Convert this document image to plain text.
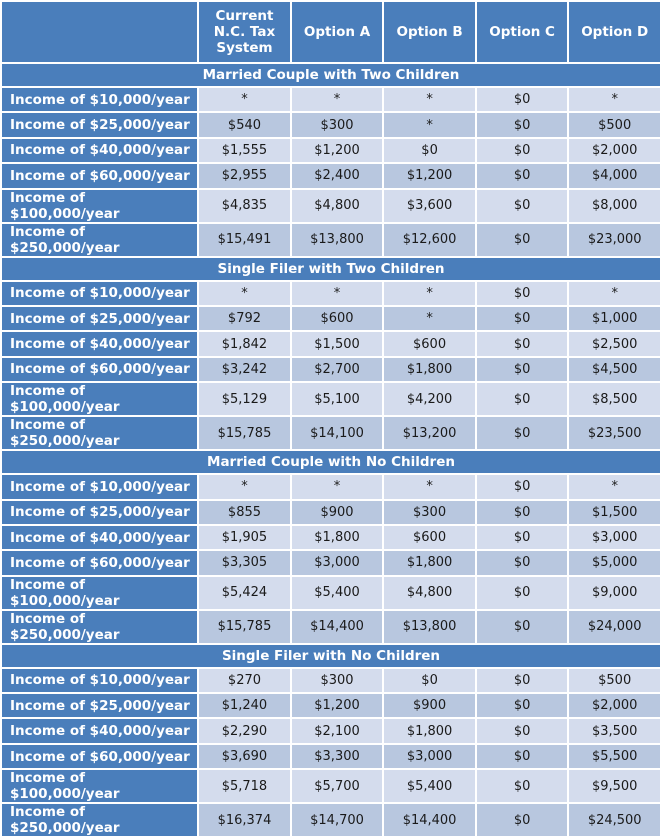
	Current N.C. Tax System	Option A	Option B	Option C	Option D
Married Couple with Two Children					
Income of $10,000/year	*	*	*	$0	*
Income of $25,000/year	$540	$300	*	$0	$500
Income of $40,000/year	$1,555	$1,200	$0	$0	$2,000
Income of $60,000/year	$2,955	$2,400	$1,200	$0	$4,000
Income of $100,000/year	$4,835	$4,800	$3,600	$0	$8,000
Income of $250,000/year	$15,491	$13,800	$12,600	$0	$23,000
Single Filer with Two Children					
Income of $10,000/year	*	*	*	$0	*
Income of $25,000/year	$792	$600	*	$0	$1,000
Income of $40,000/year	$1,842	$1,500	$600	$0	$2,500
Income of $60,000/year	$3,242	$2,700	$1,800	$0	$4,500
Income of $100,000/year	$5,129	$5,100	$4,200	$0	$8,500
Income of $250,000/year	$15,785	$14,100	$13,200	$0	$23,500
Married Couple with No Children					
Income of $10,000/year	*	*	*	$0	*
Income of $25,000/year	$855	$900	$300	$0	$1,500
Income of $40,000/year	$1,905	$1,800	$600	$0	$3,000
Income of $60,000/year	$3,305	$3,000	$1,800	$0	$5,000
Income of $100,000/year	$5,424	$5,400	$4,800	$0	$9,000
Income of $250,000/year	$15,785	$14,400	$13,800	$0	$24,000
Single Filer with No Children					
Income of $10,000/year	$270	$300	$0	$0	$500
Income of $25,000/year	$1,240	$1,200	$900	$0	$2,000
Income of $40,000/year	$2,290	$2,100	$1,800	$0	$3,500
Income of $60,000/year	$3,690	$3,300	$3,000	$0	$5,500
Income of $100,000/year	$5,718	$5,700	$5,400	$0	$9,500
Income of $250,000/year	$16,374	$14,700	$14,400	$0	$24,500
